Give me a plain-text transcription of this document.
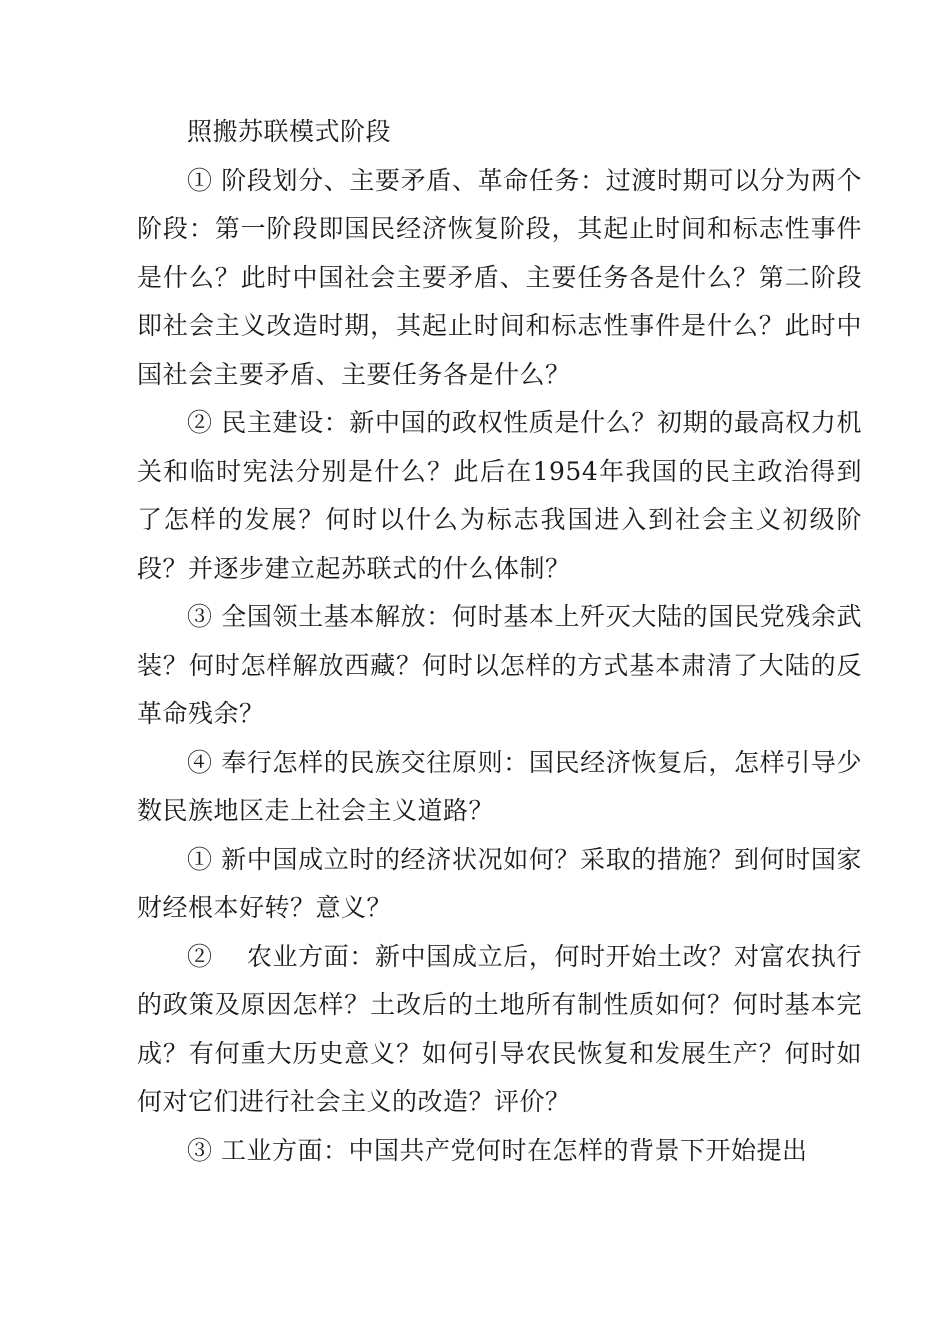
照搬苏联模式阶段

① 阶段划分、主要矛盾、革命任务：过渡时期可以分为两个阶段：第一阶段即国民经济恢复阶段，其起止时间和标志性事件是什么？此时中国社会主要矛盾、主要任务各是什么？第二阶段即社会主义改造时期，其起止时间和标志性事件是什么？此时中国社会主要矛盾、主要任务各是什么？

② 民主建设：新中国的政权性质是什么？初期的最高权力机关和临时宪法分别是什么？此后在1954年我国的民主政治得到了怎样的发展？何时以什么为标志我国进入到社会主义初级阶段？并逐步建立起苏联式的什么体制？

③ 全国领土基本解放：何时基本上歼灭大陆的国民党残余武装？何时怎样解放西藏？何时以怎样的方式基本肃清了大陆的反革命残余？

④ 奉行怎样的民族交往原则：国民经济恢复后，怎样引导少数民族地区走上社会主义道路？

① 新中国成立时的经济状况如何？采取的措施？到何时国家财经根本好转？意义？

②　 农业方面：新中国成立后，何时开始土改？对富农执行的政策及原因怎样？土改后的土地所有制性质如何？何时基本完成？有何重大历史意义？如何引导农民恢复和发展生产？何时如何对它们进行社会主义的改造？评价？

③ 工业方面：中国共产党何时在怎样的背景下开始提出
